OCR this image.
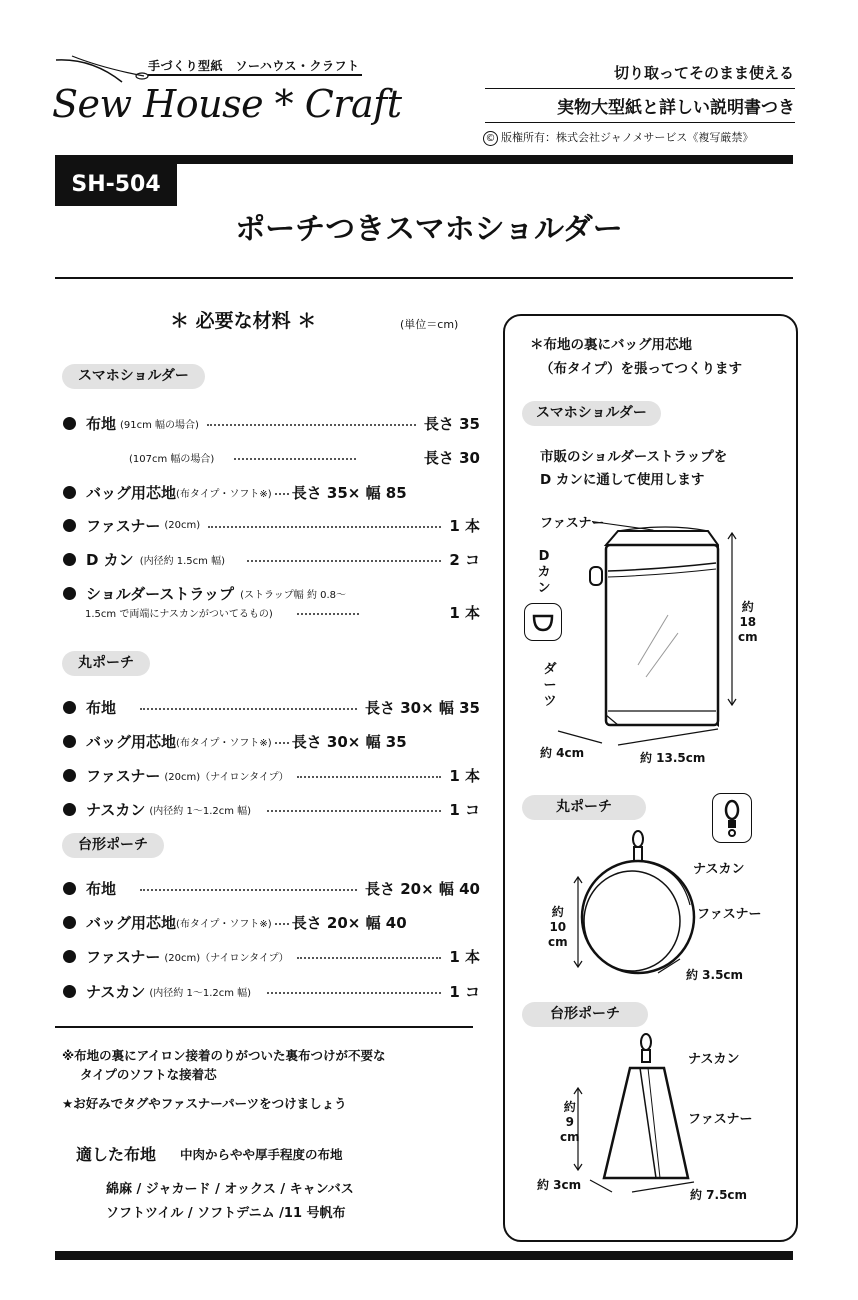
手づくり型紙　ソーハウス・クラフト
Sew House * Craft
切り取ってそのまま使える
実物大型紙と詳しい説明書つき
© 版権所有：株式会社ジャノメサービス《複写厳禁》
SH-504
ポーチつきスマホショルダー
＊ 必要な材料 ＊	(単位＝cm)
スマホショルダー
布地 (91cm 幅の場合)	長さ 35
(107cm 幅の場合)	長さ 30
バッグ用芯地 (布タイプ・ソフト※) 長さ 35× 幅 85
ファスナー (20cm)	1 本
D カン (内径約 1.5cm 幅)	2 コ
ショルダーストラップ (ストラップ幅 約 0.8〜
1.5cm で両端にナスカンがついてるもの)	1 本
丸ポーチ
布地	長さ 30× 幅 35
バッグ用芯地 (布タイプ・ソフト※) 長さ 30× 幅 35
ファスナー (20cm)（ナイロンタイプ）	1 本
ナスカン (内径約 1〜1.2cm 幅)	1 コ
台形ポーチ
布地	長さ 20× 幅 40
バッグ用芯地 (布タイプ・ソフト※) 長さ 20× 幅 40
ファスナー (20cm)（ナイロンタイプ）	1 本
ナスカン (内径約 1〜1.2cm 幅)	1 コ
※布地の裏にアイロン接着のりがついた裏布つけが不要な
タイプのソフトな接着芯
★お好みでタグやファスナーパーツをつけましょう
適した布地 中肉からやや厚手程度の布地
綿麻 / ジャカード / オックス / キャンバス
ソフトツイル / ソフトデニム /11 号帆布
＊布地の裏にバッグ用芯地
（布タイプ）を張ってつくります
スマホショルダー
市販のショルダーストラップを
D カンに通して使用します
ファスナー
D
カ
ン
ダ
ー
ツ
約
18
cm
約 4cm	約 13.5cm
丸ポーチ
ナスカン
ファスナー
約
10
cm
約 3.5cm
台形ポーチ
ナスカン
ファスナー
約
9
cm
約 3cm
約 7.5cm
